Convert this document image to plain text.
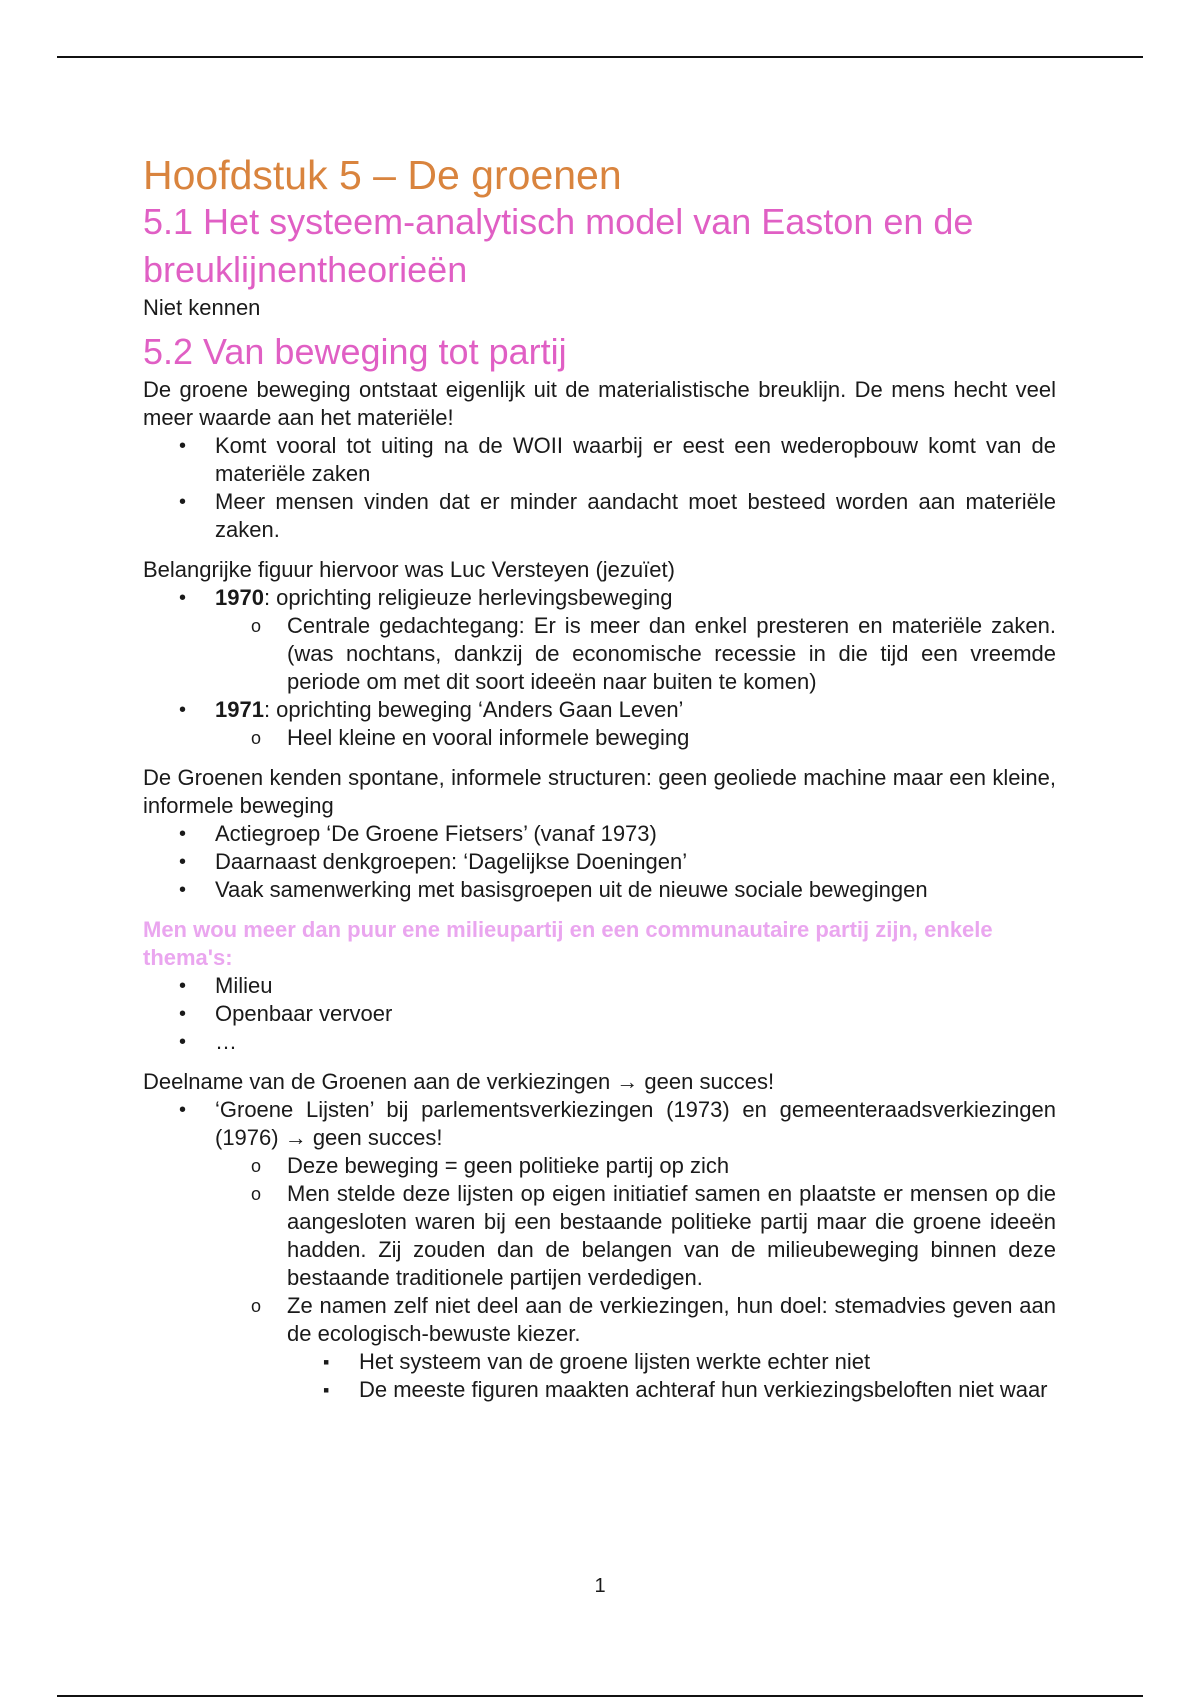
Hoofdstuk 5 – De groenen
5.1 Het systeem-analytisch model van Easton en de breuklijnentheorieën

Niet kennen

5.2 Van beweging tot partij

De groene beweging ontstaat eigenlijk uit de materialistische breuklijn. De mens hecht veel meer waarde aan het materiële!

• Komt vooral tot uiting na de WOII waarbij er eest een wederopbouw komt van de materiële zaken
• Meer mensen vinden dat er minder aandacht moet besteed worden aan materiële zaken.

Belangrijke figuur hiervoor was Luc Versteyen (jezuïet)

• 1970: oprichting religieuze herlevingsbeweging
o Centrale gedachtegang: Er is meer dan enkel presteren en materiële zaken. (was nochtans, dankzij de economische recessie in die tijd een vreemde periode om met dit soort ideeën naar buiten te komen)
• 1971: oprichting beweging ‘Anders Gaan Leven’
o Heel kleine en vooral informele beweging

De Groenen kenden spontane, informele structuren: geen geoliede machine maar een kleine, informele beweging

• Actiegroep ‘De Groene Fietsers’ (vanaf 1973)
• Daarnaast denkgroepen: ‘Dagelijkse Doeningen’
• Vaak samenwerking met basisgroepen uit de nieuwe sociale bewegingen

Men wou meer dan puur ene milieupartij en een communautaire partij zijn, enkele thema's:

• Milieu
• Openbaar vervoer
• …

Deelname van de Groenen aan de verkiezingen → geen succes!

• ‘Groene Lijsten’ bij parlementsverkiezingen (1973) en gemeenteraadsverkiezingen (1976) → geen succes!
o Deze beweging = geen politieke partij op zich
o Men stelde deze lijsten op eigen initiatief samen en plaatste er mensen op die aangesloten waren bij een bestaande politieke partij maar die groene ideeën hadden. Zij zouden dan de belangen van de milieubeweging binnen deze bestaande traditionele partijen verdedigen.
o Ze namen zelf niet deel aan de verkiezingen, hun doel: stemadvies geven aan de ecologisch-bewuste kiezer.
▪ Het systeem van de groene lijsten werkte echter niet
▪ De meeste figuren maakten achteraf hun verkiezingsbeloften niet waar
1
